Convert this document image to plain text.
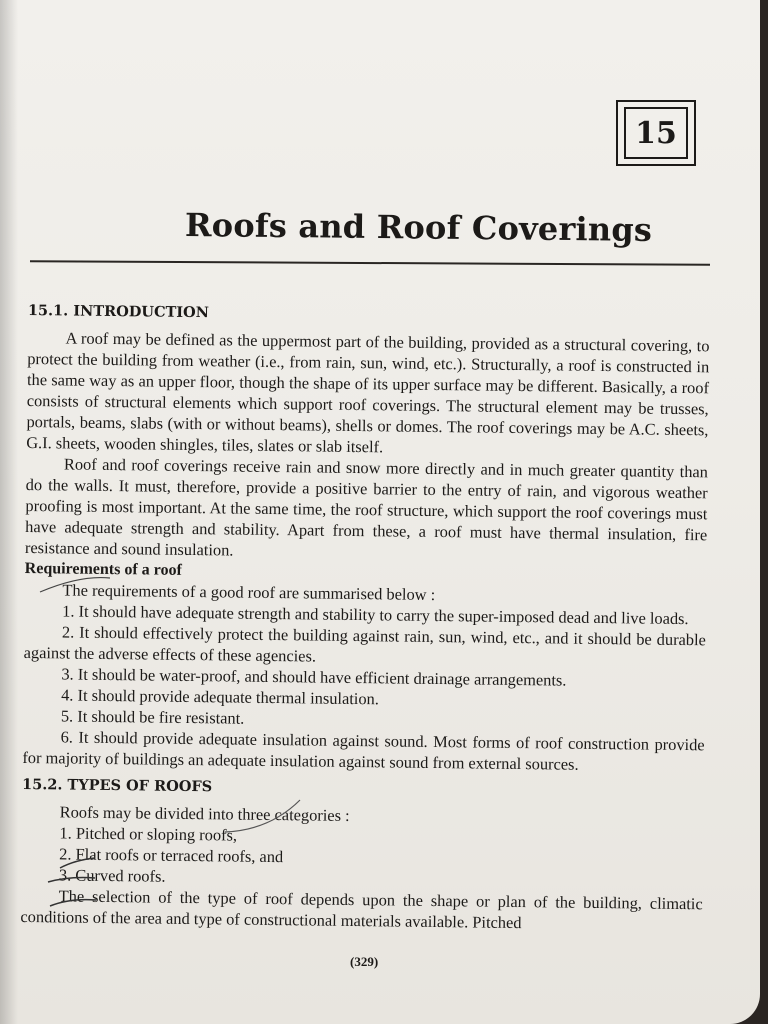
15
Roofs and Roof Coverings
15.1. INTRODUCTION

A roof may be defined as the uppermost part of the building, provided as a structural covering, to protect the building from weather (i.e., from rain, sun, wind, etc.). Structurally, a roof is constructed in the same way as an upper floor, though the shape of its upper surface may be different. Basically, a roof consists of structural elements which support roof coverings. The structural element may be trusses, portals, beams, slabs (with or without beams), shells or domes. The roof coverings may be A.C. sheets, G.I. sheets, wooden shingles, tiles, slates or slab itself.

Roof and roof coverings receive rain and snow more directly and in much greater quantity than do the walls. It must, therefore, provide a positive barrier to the entry of rain, and vigorous weather proofing is most important. At the same time, the roof structure, which support the roof coverings must have adequate strength and stability. Apart from these, a roof must have thermal insulation, fire resistance and sound insulation.

Requirements of a roof

The requirements of a good roof are summarised below :

1. It should have adequate strength and stability to carry the super-imposed dead and live loads.

2. It should effectively protect the building against rain, sun, wind, etc., and it should be durable against the adverse effects of these agencies.

3. It should be water-proof, and should have efficient drainage arrangements.

4. It should provide adequate thermal insulation.

5. It should be fire resistant.

6. It should provide adequate insulation against sound. Most forms of roof construction provide for majority of buildings an adequate insulation against sound from external sources.

15.2. TYPES OF ROOFS

Roofs may be divided into three categories :

1. Pitched or sloping roofs,

2. Flat roofs or terraced roofs, and

3. Curved roofs.

The selection of the type of roof depends upon the shape or plan of the building, climatic conditions of the area and type of constructional materials available. Pitched

(329)
